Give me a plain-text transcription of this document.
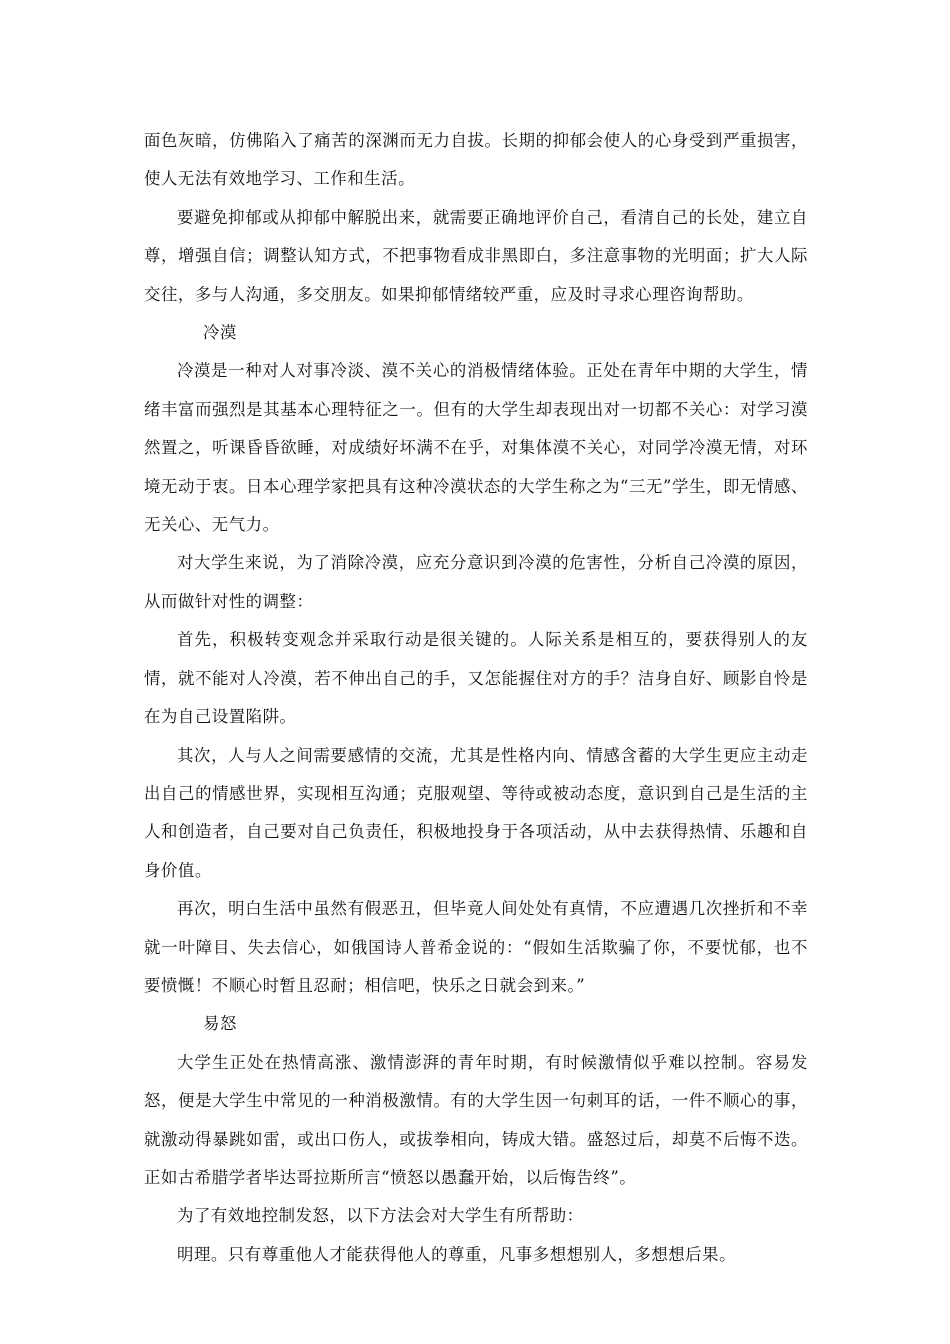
面色灰暗，仿佛陷入了痛苦的深渊而无力自拔。长期的抑郁会使人的心身受到严重损害，使人无法有效地学习、工作和生活。

要避免抑郁或从抑郁中解脱出来，就需要正确地评价自己，看清自己的长处，建立自尊，增强自信；调整认知方式，不把事物看成非黑即白，多注意事物的光明面；扩大人际交往，多与人沟通，多交朋友。如果抑郁情绪较严重，应及时寻求心理咨询帮助。

冷漠

冷漠是一种对人对事冷淡、漠不关心的消极情绪体验。正处在青年中期的大学生，情绪丰富而强烈是其基本心理特征之一。但有的大学生却表现出对一切都不关心：对学习漠然置之，听课昏昏欲睡，对成绩好坏满不在乎，对集体漠不关心，对同学冷漠无情，对环境无动于衷。日本心理学家把具有这种冷漠状态的大学生称之为“三无”学生，即无情感、无关心、无气力。

对大学生来说，为了消除冷漠，应充分意识到冷漠的危害性，分析自己冷漠的原因，从而做针对性的调整：

首先，积极转变观念并采取行动是很关键的。人际关系是相互的，要获得别人的友情，就不能对人冷漠，若不伸出自己的手，又怎能握住对方的手？洁身自好、顾影自怜是在为自己设置陷阱。

其次，人与人之间需要感情的交流，尤其是性格内向、情感含蓄的大学生更应主动走出自己的情感世界，实现相互沟通；克服观望、等待或被动态度，意识到自己是生活的主人和创造者，自己要对自己负责任，积极地投身于各项活动，从中去获得热情、乐趣和自身价值。

再次，明白生活中虽然有假恶丑，但毕竟人间处处有真情，不应遭遇几次挫折和不幸就一叶障目、失去信心，如俄国诗人普希金说的：“假如生活欺骗了你，不要忧郁，也不要愤慨！不顺心时暂且忍耐；相信吧，快乐之日就会到来。”

易怒

大学生正处在热情高涨、激情澎湃的青年时期，有时候激情似乎难以控制。容易发怒，便是大学生中常见的一种消极激情。有的大学生因一句刺耳的话，一件不顺心的事，就激动得暴跳如雷，或出口伤人，或拔拳相向，铸成大错。盛怒过后，却莫不后悔不迭。正如古希腊学者毕达哥拉斯所言“愤怒以愚蠢开始，以后悔告终”。

为了有效地控制发怒，以下方法会对大学生有所帮助：

明理。只有尊重他人才能获得他人的尊重，凡事多想想别人，多想想后果。
